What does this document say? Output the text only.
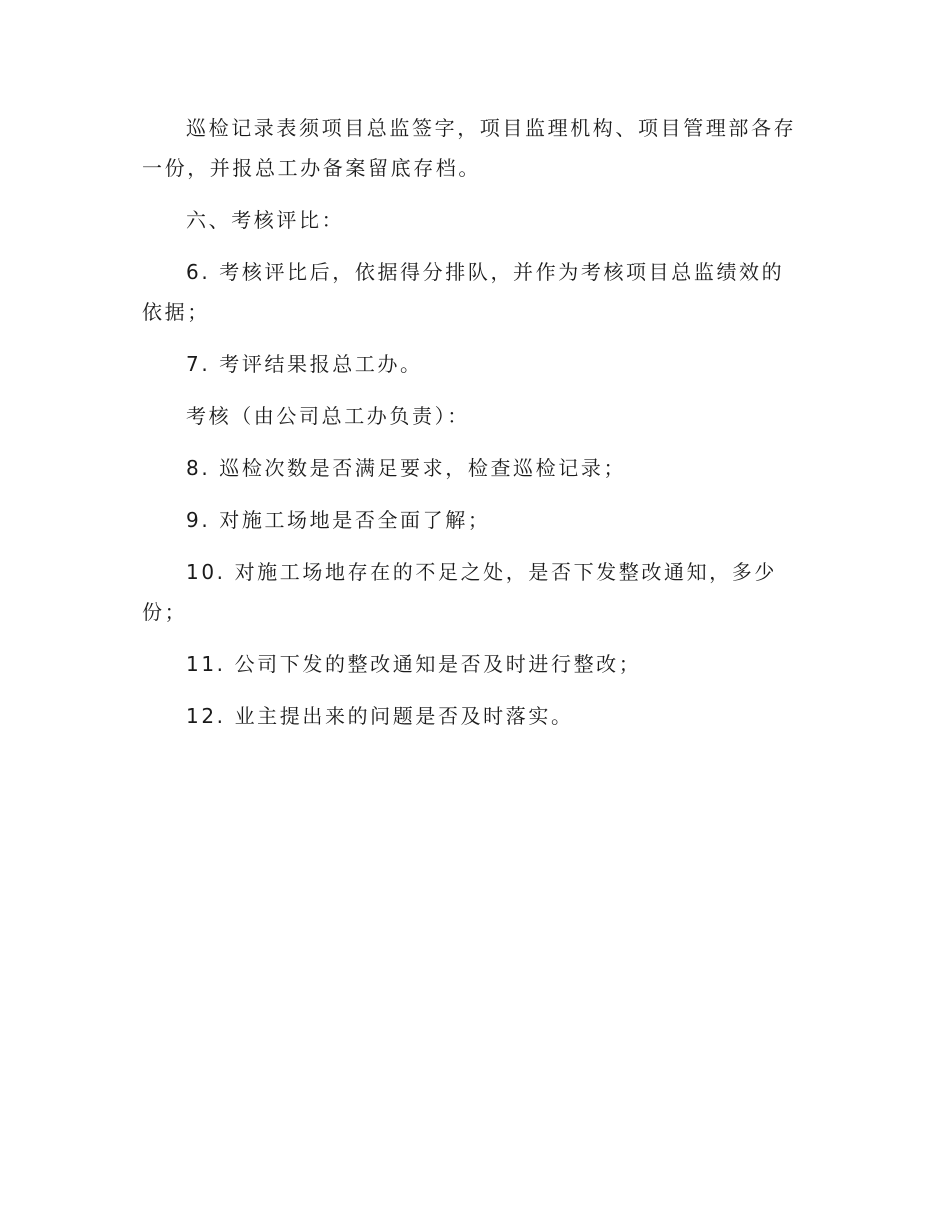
巡检记录表须项目总监签字，项目监理机构、项目管理部各存一份，并报总工办备案留底存档。

六、考核评比：

6. 考核评比后，依据得分排队，并作为考核项目总监绩效的依据；

7. 考评结果报总工办。

考核（由公司总工办负责）：

8. 巡检次数是否满足要求，检查巡检记录；

9. 对施工场地是否全面了解；

10. 对施工场地存在的不足之处，是否下发整改通知，多少份；

11. 公司下发的整改通知是否及时进行整改；

12. 业主提出来的问题是否及时落实。
